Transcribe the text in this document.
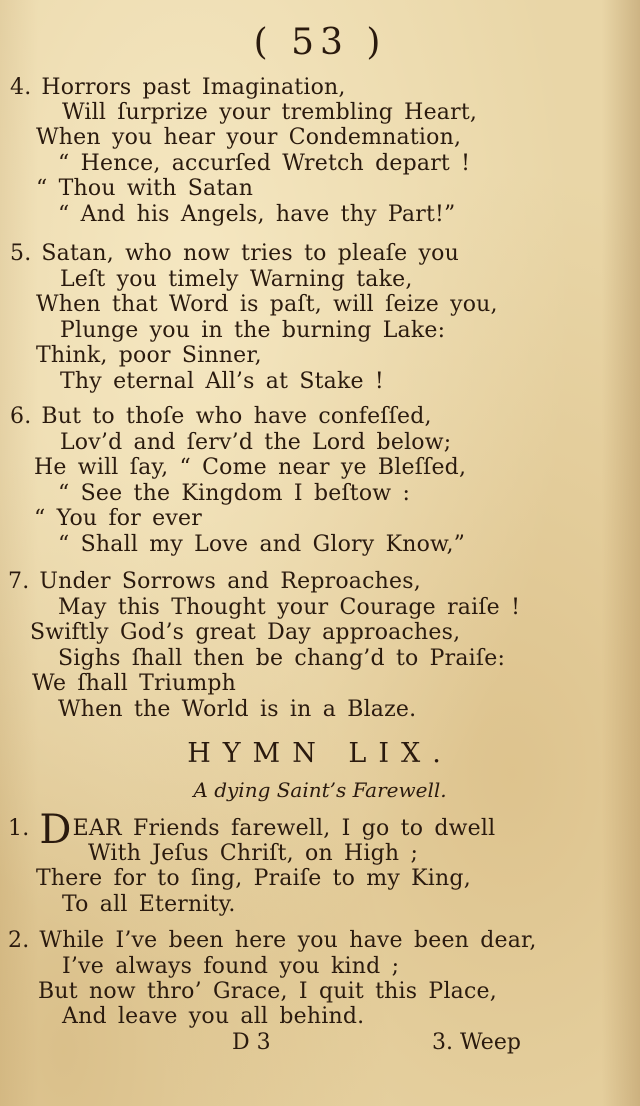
( 53 )
4. Horrors past Imagination,
Will ſurprize your trembling Heart,
When you hear your Condemnation,
“ Hence, accurſed Wretch depart !
“ Thou with Satan
“ And his Angels, have thy Part!”
5. Satan, who now tries to pleaſe you
Leſt you timely Warning take,
When that Word is paſt, will ſeize you,
Plunge you in the burning Lake:
Think, poor Sinner,
Thy eternal All’s at Stake !
6. But to thoſe who have confeſſed,
Lov’d and ſerv’d the Lord below;
He will ſay, “ Come near ye Bleſſed,
“ See the Kingdom I beſtow :
“ You for ever
“ Shall my Love and Glory Know,”
7. Under Sorrows and Reproaches,
May this Thought your Courage raiſe !
Swiftly God’s great Day approaches,
Sighs ſhall then be chang’d to Praiſe:
We ſhall Triumph
When the World is in a Blaze.
HYMN LIX.
A dying Saint’s Farewell.
1. DEAR Friends farewell, I go to dwell
With Jeſus Chriſt, on High ;
There for to ſing, Praiſe to my King,
To all Eternity.
2. While I’ve been here you have been dear,
I’ve always found you kind ;
But now thro’ Grace, I quit this Place,
And leave you all behind.
D 3	3. Weep
